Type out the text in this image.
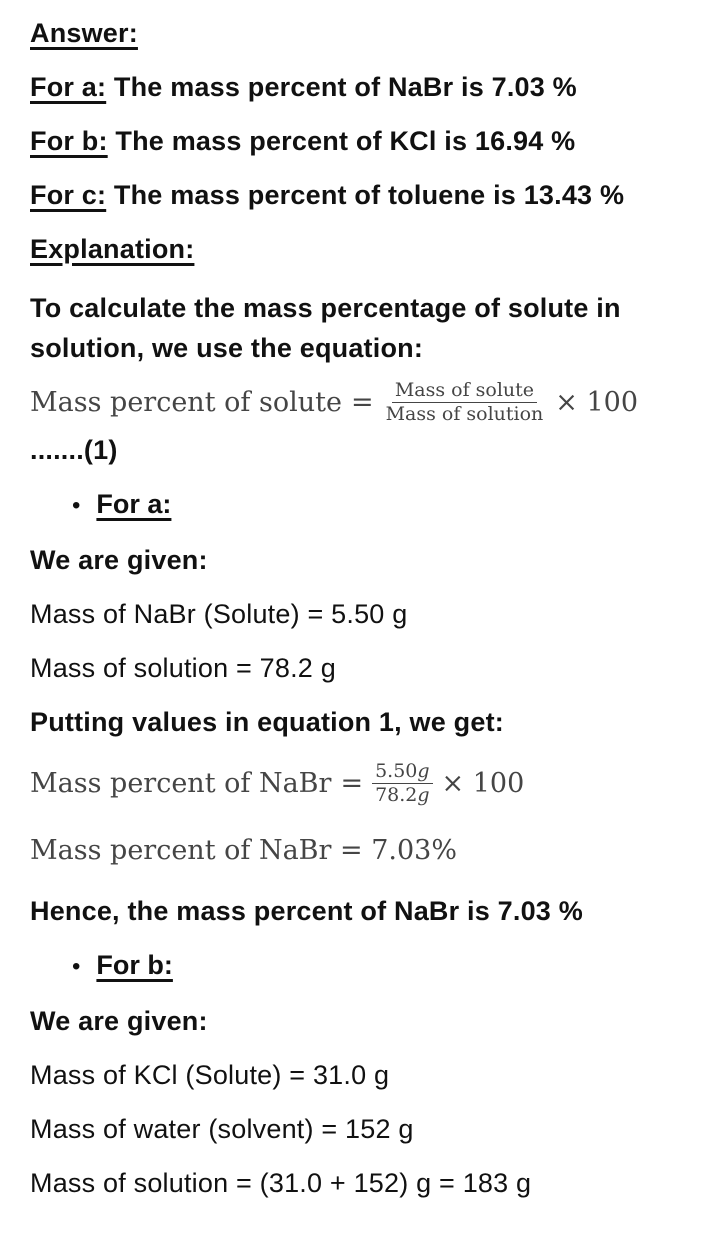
Answer:
For a: The mass percent of NaBr is 7.03 %
For b: The mass percent of KCl is 16.94 %
For c: The mass percent of toluene is 13.43 %
Explanation:
To calculate the mass percentage of solute in solution, we use the equation:
Mass percent of solute = $\frac{\text{Mass of solute}}{\text{Mass of solution}} \times 100$
.......(1)
• For a:
We are given:
Mass of NaBr (Solute) = 5.50 g
Mass of solution = 78.2 g
Putting values in equation 1, we get:
Mass percent of NaBr = $\frac{5.50g}{78.2g} \times 100$
Mass percent of NaBr = 7.03%
Hence, the mass percent of NaBr is 7.03 %
• For b:
We are given:
Mass of KCl (Solute) = 31.0 g
Mass of water (solvent) = 152 g
Mass of solution = (31.0 + 152) g = 183 g
